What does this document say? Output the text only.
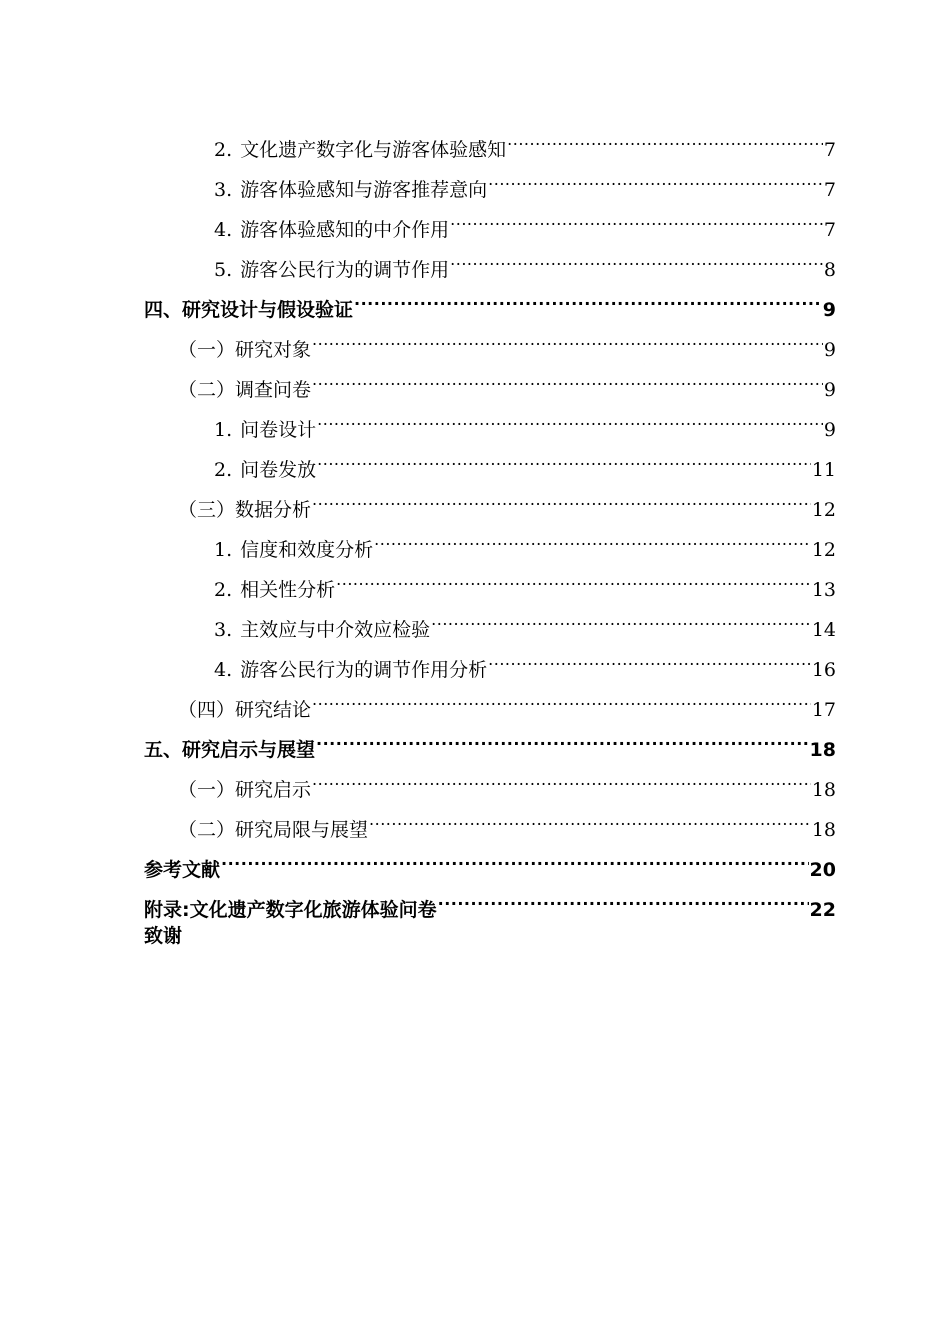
2. 文化遗产数字化与游客体验感知 .....	7
3. 游客体验感知与游客推荐意向 .....	7
4. 游客体验感知的中介作用 .....	7
5. 游客公民行为的调节作用 .....	8
四、研究设计与假设验证 .....	9
（一）研究对象 .....	9
（二）调查问卷 .....	9
1. 问卷设计 .....	9
2. 问卷发放 .....	11
（三）数据分析 .....	12
1. 信度和效度分析 .....	12
2. 相关性分析 .....	13
3. 主效应与中介效应检验 .....	14
4. 游客公民行为的调节作用分析 .....	16
（四）研究结论 .....	17
五、研究启示与展望 .....	18
（一）研究启示 .....	18
（二）研究局限与展望 .....	18
参考文献 .....	20
附录:文化遗产数字化旅游体验问卷 .....	22
致谢
